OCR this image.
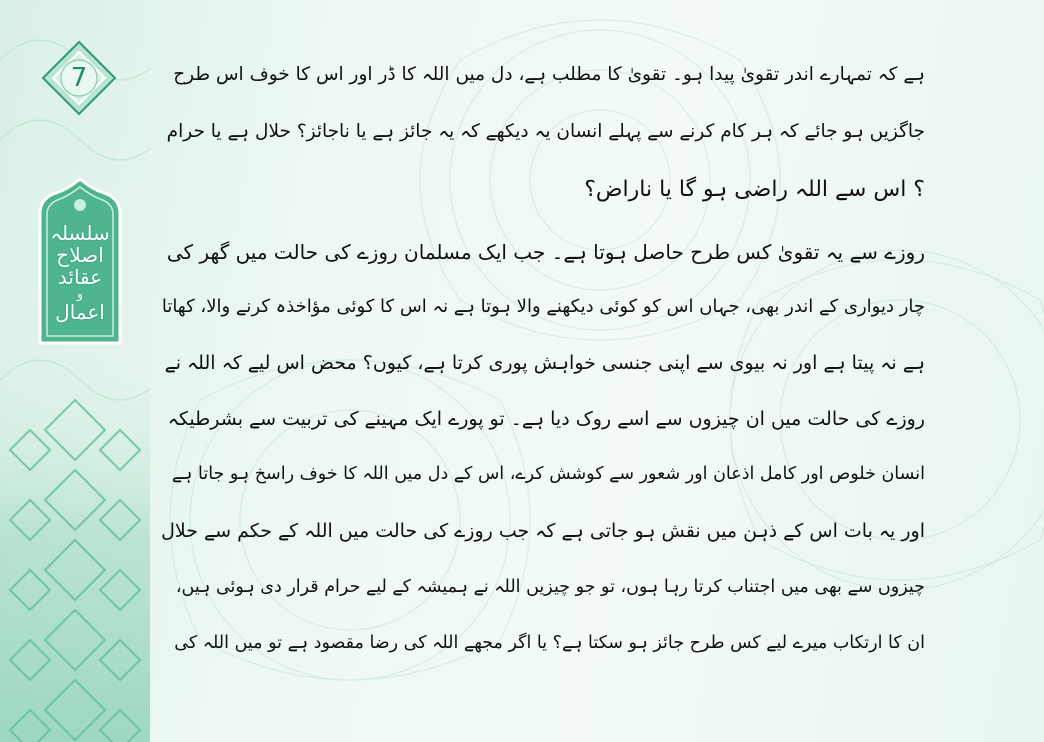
7
سلسلہ
اصلاح
عقائد
و
اعمال
ہے کہ تمہارے اندر تقویٰ پیدا ہو۔ تقویٰ کا مطلب ہے، دل میں اللہ کا ڈر اور اس کا خوف اس طرح
جاگزیں ہو جائے کہ ہر کام کرنے سے پہلے انسان یہ دیکھے کہ یہ جائز ہے یا ناجائز؟ حلال ہے یا حرام
؟ اس سے اللہ راضی ہو گا یا ناراض؟
روزے سے یہ تقویٰ کس طرح حاصل ہوتا ہے۔ جب ایک مسلمان روزے کی حالت میں گھر کی
چار دیواری کے اندر بھی، جہاں اس کو کوئی دیکھنے والا ہوتا ہے نہ اس کا کوئی مؤاخذہ کرنے والا، کھاتا
ہے نہ پیتا ہے اور نہ بیوی سے اپنی جنسی خواہش پوری کرتا ہے، کیوں؟ محض اس لیے کہ اللہ نے
روزے کی حالت میں ان چیزوں سے اسے روک دیا ہے۔ تو پورے ایک مہینے کی تربیت سے بشرطیکہ
انسان خلوص اور کامل اذعان اور شعور سے کوشش کرے، اس کے دل میں اللہ کا خوف راسخ ہو جاتا ہے
اور یہ بات اس کے ذہن میں نقش ہو جاتی ہے کہ جب روزے کی حالت میں اللہ کے حکم سے حلال
چیزوں سے بھی میں اجتناب کرتا رہا ہوں، تو جو چیزیں اللہ نے ہمیشہ کے لیے حرام قرار دی ہوئی ہیں،
ان کا ارتکاب میرے لیے کس طرح جائز ہو سکتا ہے؟ یا اگر مجھے اللہ کی رضا مقصود ہے تو میں اللہ کی
